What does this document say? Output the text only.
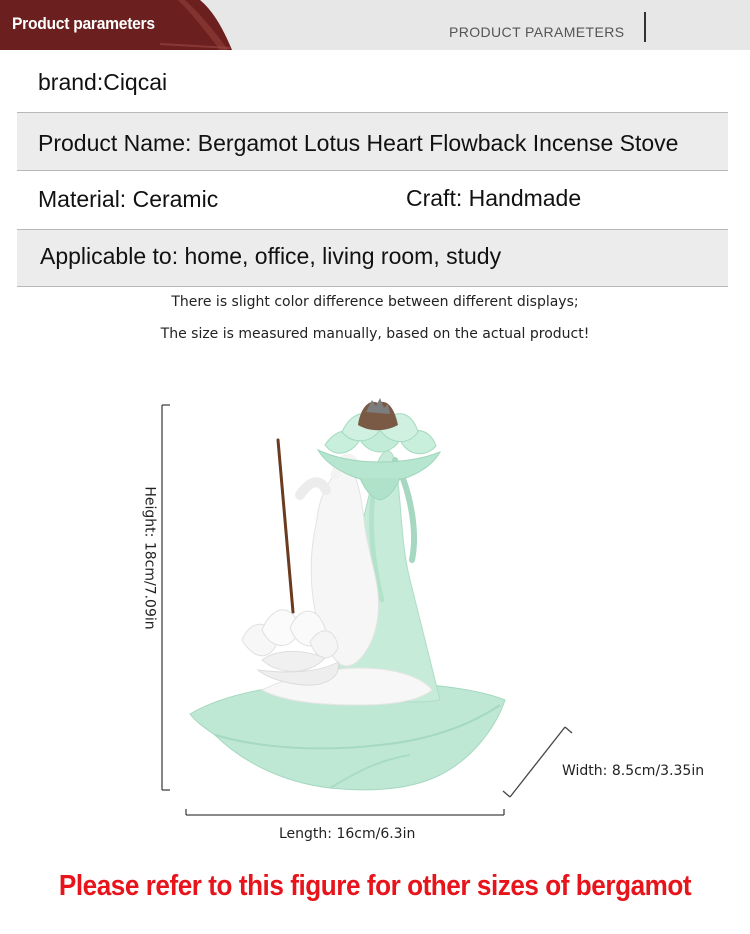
Product parameters	PRODUCT PARAMETERS
brand:Ciqcai
Product Name: Bergamot Lotus Heart Flowback Incense Stove
Material: Ceramic	Craft: Handmade
Applicable to: home, office, living room, study
There is slight color difference between different displays;
The size is measured manually, based on the actual product!
Height: 18cm/7.09in
Width: 8.5cm/3.35in
Length: 16cm/6.3in
Please refer to this figure for other sizes of bergamot
